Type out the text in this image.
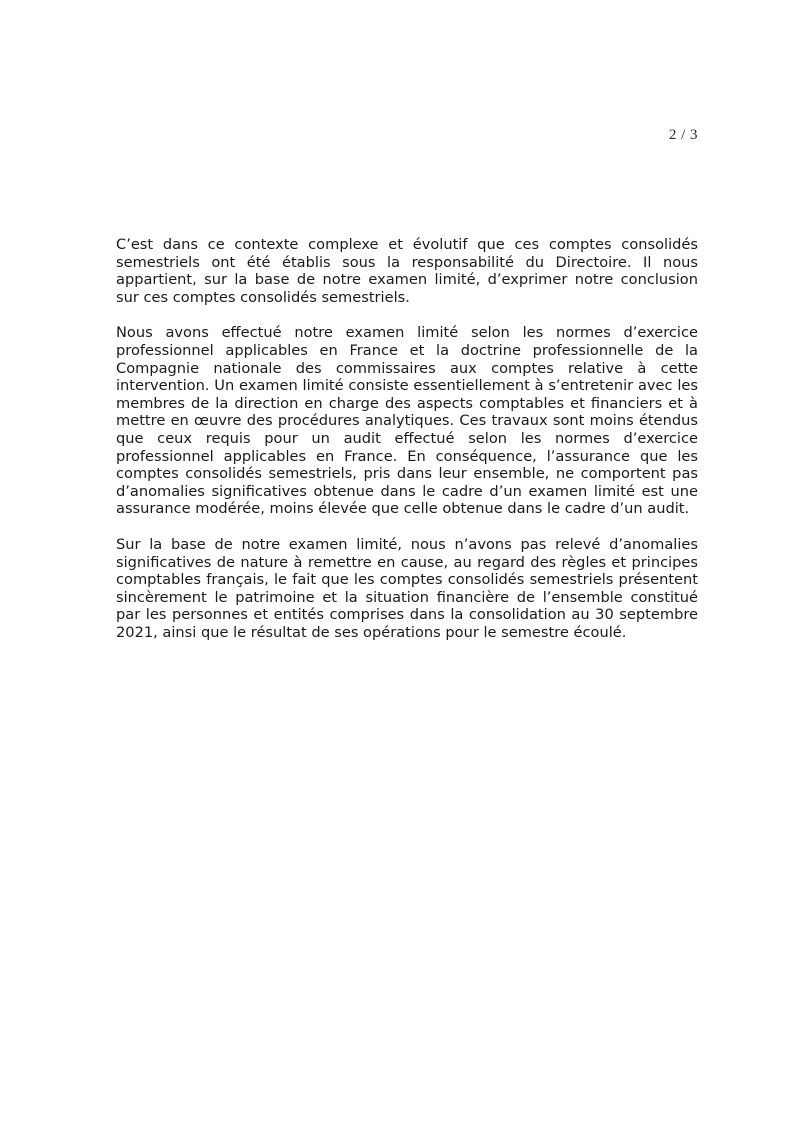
2 / 3

C’est dans ce contexte complexe et évolutif que ces comptes consolidés semestriels ont été établis sous la responsabilité du Directoire. Il nous appartient, sur la base de notre examen limité, d’exprimer notre conclusion sur ces comptes consolidés semestriels.

Nous avons effectué notre examen limité selon les normes d’exercice professionnel applicables en France et la doctrine professionnelle de la Compagnie nationale des commissaires aux comptes relative à cette intervention. Un examen limité consiste essentiellement à s’entretenir avec les membres de la direction en charge des aspects comptables et financiers et à mettre en œuvre des procédures analytiques. Ces travaux sont moins étendus que ceux requis pour un audit effectué selon les normes d’exercice professionnel applicables en France. En conséquence, l’assurance que les comptes consolidés semestriels, pris dans leur ensemble, ne comportent pas d’anomalies significatives obtenue dans le cadre d’un examen limité est une assurance modérée, moins élevée que celle obtenue dans le cadre d’un audit.

Sur la base de notre examen limité, nous n’avons pas relevé d’anomalies significatives de nature à remettre en cause, au regard des règles et principes comptables français, le fait que les comptes consolidés semestriels présentent sincèrement le patrimoine et la situation financière de l’ensemble constitué par les personnes et entités comprises dans la consolidation au 30 septembre 2021, ainsi que le résultat de ses opérations pour le semestre écoulé.
